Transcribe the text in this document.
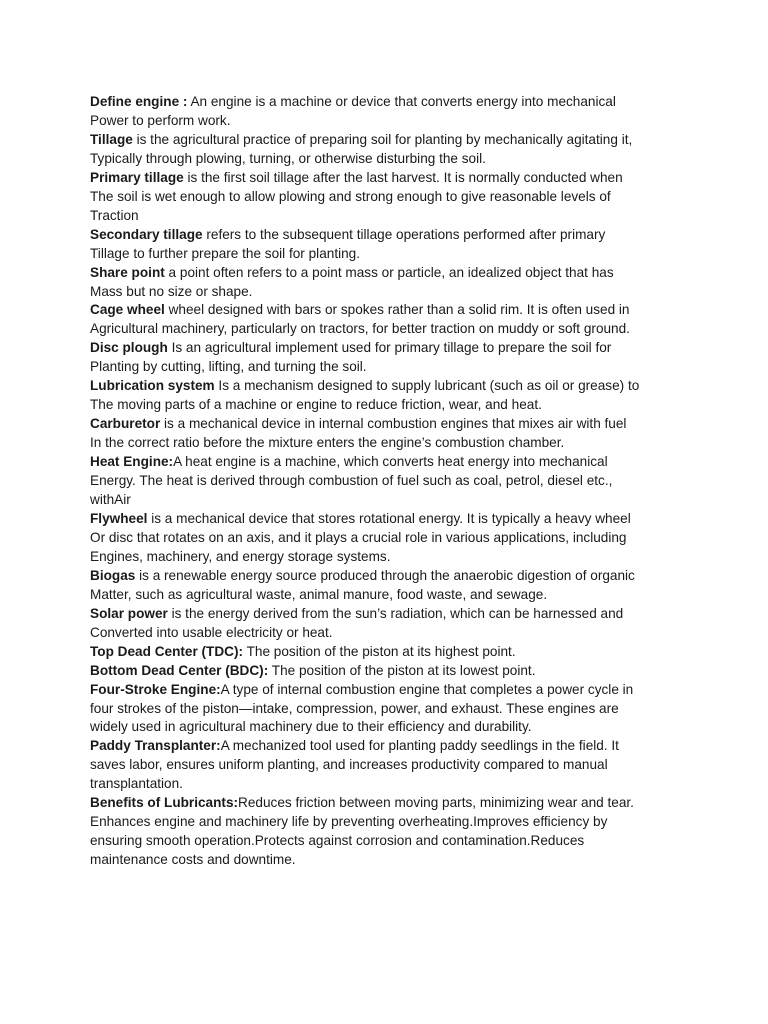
Define engine : An engine is a machine or device that converts energy into mechanical
Power to perform work.
Tillage is the agricultural practice of preparing soil for planting by mechanically agitating it,
Typically through plowing, turning, or otherwise disturbing the soil.
Primary tillage is the first soil tillage after the last harvest. It is normally conducted when
The soil is wet enough to allow plowing and strong enough to give reasonable levels of
Traction
Secondary tillage refers to the subsequent tillage operations performed after primary
Tillage to further prepare the soil for planting.
Share point a point often refers to a point mass or particle, an idealized object that has
Mass but no size or shape.
Cage wheel wheel designed with bars or spokes rather than a solid rim. It is often used in
Agricultural machinery, particularly on tractors, for better traction on muddy or soft ground.
Disc plough Is an agricultural implement used for primary tillage to prepare the soil for
Planting by cutting, lifting, and turning the soil.
Lubrication system Is a mechanism designed to supply lubricant (such as oil or grease) to
The moving parts of a machine or engine to reduce friction, wear, and heat.
Carburetor is a mechanical device in internal combustion engines that mixes air with fuel
In the correct ratio before the mixture enters the engine’s combustion chamber.
Heat Engine:A heat engine is a machine, which converts heat energy into mechanical
Energy. The heat is derived through combustion of fuel such as coal, petrol, diesel etc.,
withAir
Flywheel is a mechanical device that stores rotational energy. It is typically a heavy wheel
Or disc that rotates on an axis, and it plays a crucial role in various applications, including
Engines, machinery, and energy storage systems.
Biogas is a renewable energy source produced through the anaerobic digestion of organic
Matter, such as agricultural waste, animal manure, food waste, and sewage.
Solar power is the energy derived from the sun’s radiation, which can be harnessed and
Converted into usable electricity or heat.
Top Dead Center (TDC): The position of the piston at its highest point.
Bottom Dead Center (BDC): The position of the piston at its lowest point.
Four-Stroke Engine:A type of internal combustion engine that completes a power cycle in
four strokes of the piston—intake, compression, power, and exhaust. These engines are
widely used in agricultural machinery due to their efficiency and durability.
Paddy Transplanter:A mechanized tool used for planting paddy seedlings in the field. It
saves labor, ensures uniform planting, and increases productivity compared to manual
transplantation.
Benefits of Lubricants:Reduces friction between moving parts, minimizing wear and tear.
Enhances engine and machinery life by preventing overheating.Improves efficiency by
ensuring smooth operation.Protects against corrosion and contamination.Reduces
maintenance costs and downtime.
